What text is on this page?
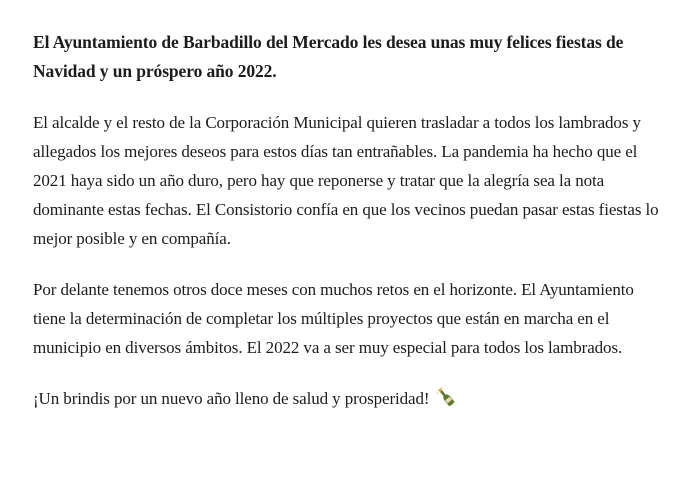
El Ayuntamiento de Barbadillo del Mercado les desea unas muy felices fiestas de Navidad y un próspero año 2022.

El alcalde y el resto de la Corporación Municipal quieren trasladar a todos los lambrados y allegados los mejores deseos para estos días tan entrañables. La pandemia ha hecho que el 2021 haya sido un año duro, pero hay que reponerse y tratar que la alegría sea la nota dominante estas fechas. El Consistorio confía en que los vecinos puedan pasar estas fiestas lo mejor posible y en compañía.

Por delante tenemos otros doce meses con muchos retos en el horizonte. El Ayuntamiento tiene la determinación de completar los múltiples proyectos que están en marcha en el municipio en diversos ámbitos. El 2022 va a ser muy especial para todos los lambrados.

¡Un brindis por un nuevo año lleno de salud y prosperidad!
